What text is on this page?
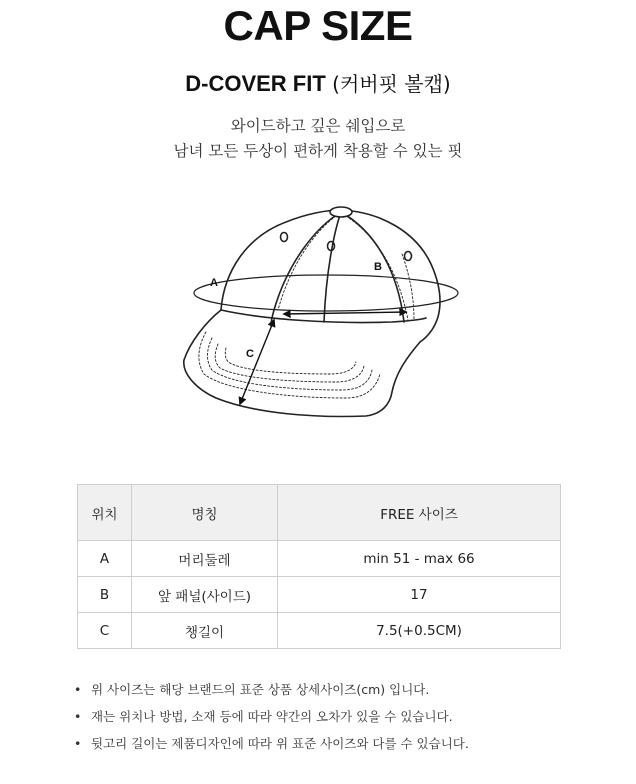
CAP SIZE
D-COVER FIT (커버핏 볼캡)
와이드하고 깊은 쉐입으로
남녀 모든 두상이 편하게 착용할 수 있는 핏
A
B
C
위치	명칭	FREE 사이즈
A	머리둘레	min 51 - max 66
B	앞 패널(사이드)	17
C	챙길이	7.5(+0.5CM)
• 위 사이즈는 해당 브랜드의 표준 상품 상세사이즈(cm) 입니다.
• 재는 위치나 방법, 소재 등에 따라 약간의 오차가 있을 수 있습니다.
• 뒷고리 길이는 제품디자인에 따라 위 표준 사이즈와 다를 수 있습니다.
